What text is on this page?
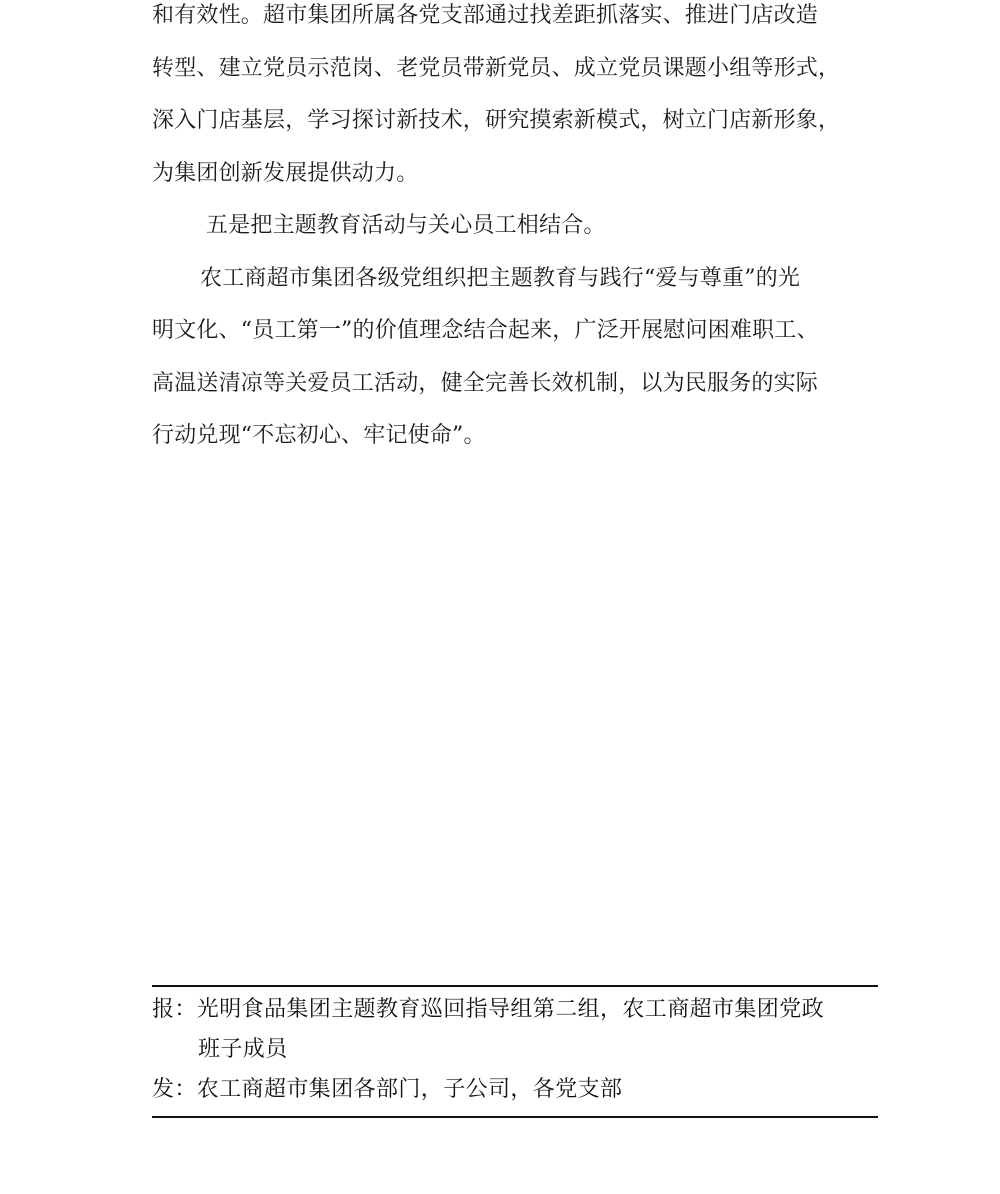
和有效性。超市集团所属各党支部通过找差距抓落实、推进门店改造
转型、建立党员示范岗、老党员带新党员、成立党员课题小组等形式，
深入门店基层，学习探讨新技术，研究摸索新模式，树立门店新形象，
为集团创新发展提供动力。
五是把主题教育活动与关心员工相结合。
农工商超市集团各级党组织把主题教育与践行“爱与尊重”的光
明文化、“员工第一”的价值理念结合起来，广泛开展慰问困难职工、
高温送清凉等关爱员工活动，健全完善长效机制，以为民服务的实际
行动兑现“不忘初心、牢记使命”。
报：光明食品集团主题教育巡回指导组第二组，农工商超市集团党政
班子成员
发：农工商超市集团各部门，子公司，各党支部
